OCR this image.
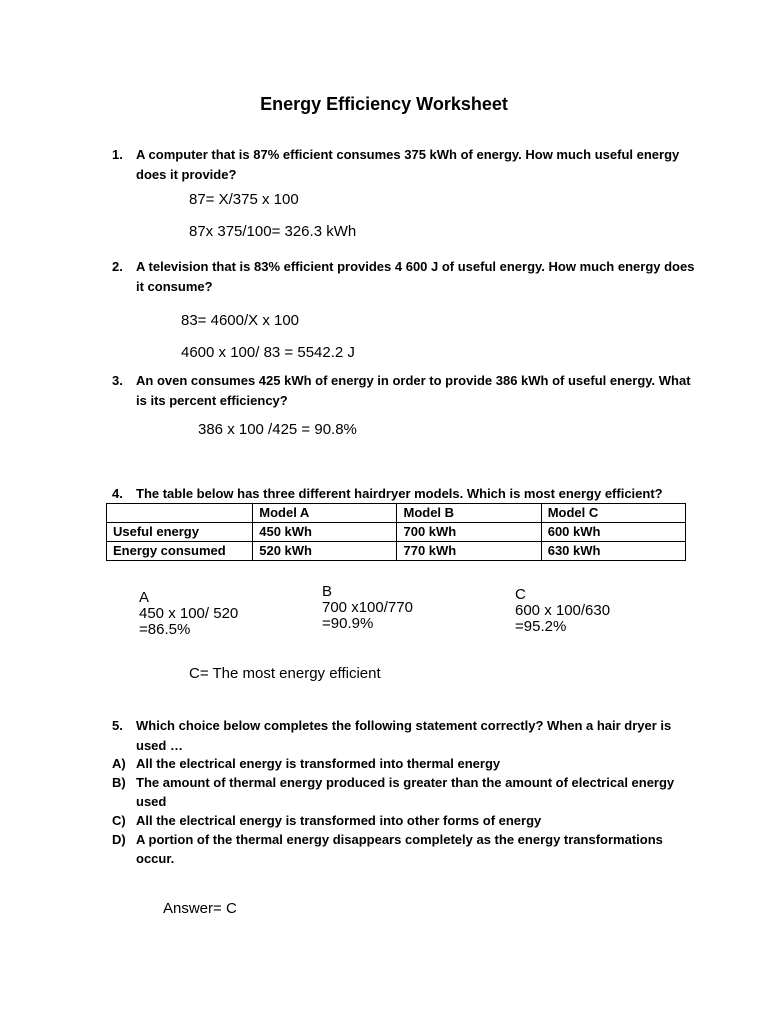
Energy Efficiency Worksheet
1. A computer that is 87% efficient consumes 375 kWh of energy. How much useful energy does it provide?
87= X/375 x 100
87x 375/100= 326.3 kWh
2. A television that is 83% efficient provides 4 600 J of useful energy. How much energy does it consume?
83= 4600/X x 100
4600 x 100/ 83 = 5542.2 J
3. An oven consumes 425 kWh of energy in order to provide 386 kWh of useful energy. What is its percent efficiency?
386 x 100 /425 = 90.8%
4. The table below has three different hairdryer models. Which is most energy efficient?
	Model A	Model B	Model C
Useful energy	450 kWh	700 kWh	600 kWh
Energy consumed	520 kWh	770 kWh	630 kWh
A
450 x 100/ 520
=86.5%
B
700 x100/770
=90.9%
C
600 x 100/630
=95.2%
C= The most energy efficient
5. Which choice below completes the following statement correctly? When a hair dryer is used …
A) All the electrical energy is transformed into thermal energy
B) The amount of thermal energy produced is greater than the amount of electrical energy used
C) All the electrical energy is transformed into other forms of energy
D) A portion of the thermal energy disappears completely as the energy transformations occur.
Answer= C
